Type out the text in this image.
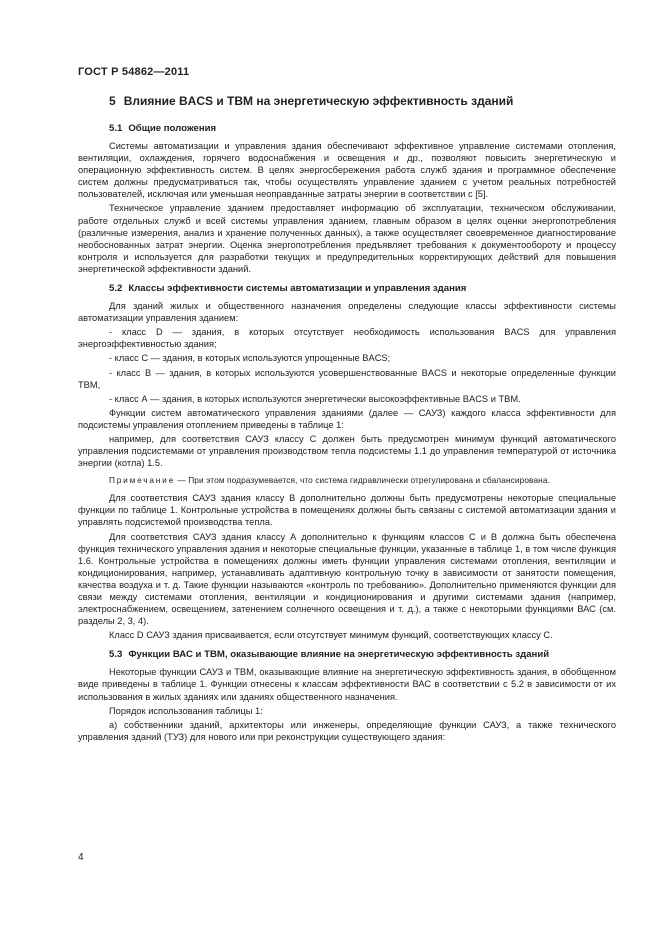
ГОСТ Р 54862—2011
5 Влияние BACS и ТВМ на энергетическую эффективность зданий
5.1 Общие положения

Системы автоматизации и управления здания обеспечивают эффективное управление системами отопления, вентиляции, охлаждения, горячего водоснабжения и освещения и др., позволяют повысить энергетическую и операционную эффективность систем. В целях энергосбережения работа служб здания и программное обеспечение систем должны предусматриваться так, чтобы осуществлять управление зданием с учетом реальных потребностей пользователей, исключая или уменьшая неоправданные затраты энергии в соответствии с [5].

Техническое управление зданием предоставляет информацию об эксплуатации, техническом обслуживании, работе отдельных служб и всей системы управления зданием, главным образом в целях оценки энергопотребления (различные измерения, анализ и хранение полученных данных), а также осуществляет своевременное диагностирование необоснованных затрат энергии. Оценка энергопотребления предъявляет требования к документообороту и процессу контроля и используется для разработки текущих и предупредительных корректирующих действий для повышения энергетической эффективности зданий.

5.2 Классы эффективности системы автоматизации и управления здания

Для зданий жилых и общественного назначения определены следующие классы эффективности системы автоматизации управления зданием:

- класс D — здания, в которых отсутствует необходимость использования BACS для управления энергоэффективностью здания;

- класс С — здания, в которых используются упрощенные BACS;

- класс В — здания, в которых используются усовершенствованные BACS и некоторые определенные функции ТВМ,

- класс А — здания, в которых используются энергетически высокоэффективные BACS и ТВМ.

Функции систем автоматического управления зданиями (далее — САУЗ) каждого класса эффективности для подсистемы управления отоплением приведены в таблице 1:

например, для соответствия САУЗ классу С должен быть предусмотрен минимум функций автоматического управления подсистемами от управления производством тепла подсистемы 1.1 до управления температурой от источника энергии (котла) 1.5.

Примечание — При этом подразумевается, что система гидравлически отрегулирована и сбалансирована.

Для соответствия САУЗ здания классу В дополнительно должны быть предусмотрены некоторые специальные функции по таблице 1. Контрольные устройства в помещениях должны быть связаны с системой автоматизации здания и управлять подсистемой производства тепла.

Для соответствия САУЗ здания классу А дополнительно к функциям классов С и В должна быть обеспечена функция технического управления здания и некоторые специальные функции, указанные в таблице 1, в том числе функция 1.6. Контрольные устройства в помещениях должны иметь функции управления системами отопления, вентиляции и кондиционирования, например, устанавливать адаптивную контрольную точку в зависимости от занятости помещения, качества воздуха и т. д. Такие функции называются «контроль по требованию». Дополнительно применяются функции для связи между системами отопления, вентиляции и кондиционирования и другими системами здания (например, электроснабжением, освещением, затенением солнечного освещения и т. д.), а также с некоторыми функциями ВАС (см. разделы 2, 3, 4).

Класс D САУЗ здания присваивается, если отсутствует минимум функций, соответствующих классу С.

5.3 Функции ВАС и ТВМ, оказывающие влияние на энергетическую эффективность зданий

Некоторые функции САУЗ и ТВМ, оказывающие влияние на энергетическую эффективность здания, в обобщенном виде приведены в таблице 1. Функции отнесены к классам эффективности ВАС в соответствии с 5.2 в зависимости от их использования в жилых зданиях или зданиях общественного назначения.

Порядок использования таблицы 1:

а) собственники зданий, архитекторы или инженеры, определяющие функции САУЗ, а также технического управления зданий (ТУЗ) для нового или при реконструкции существующего здания:

4
